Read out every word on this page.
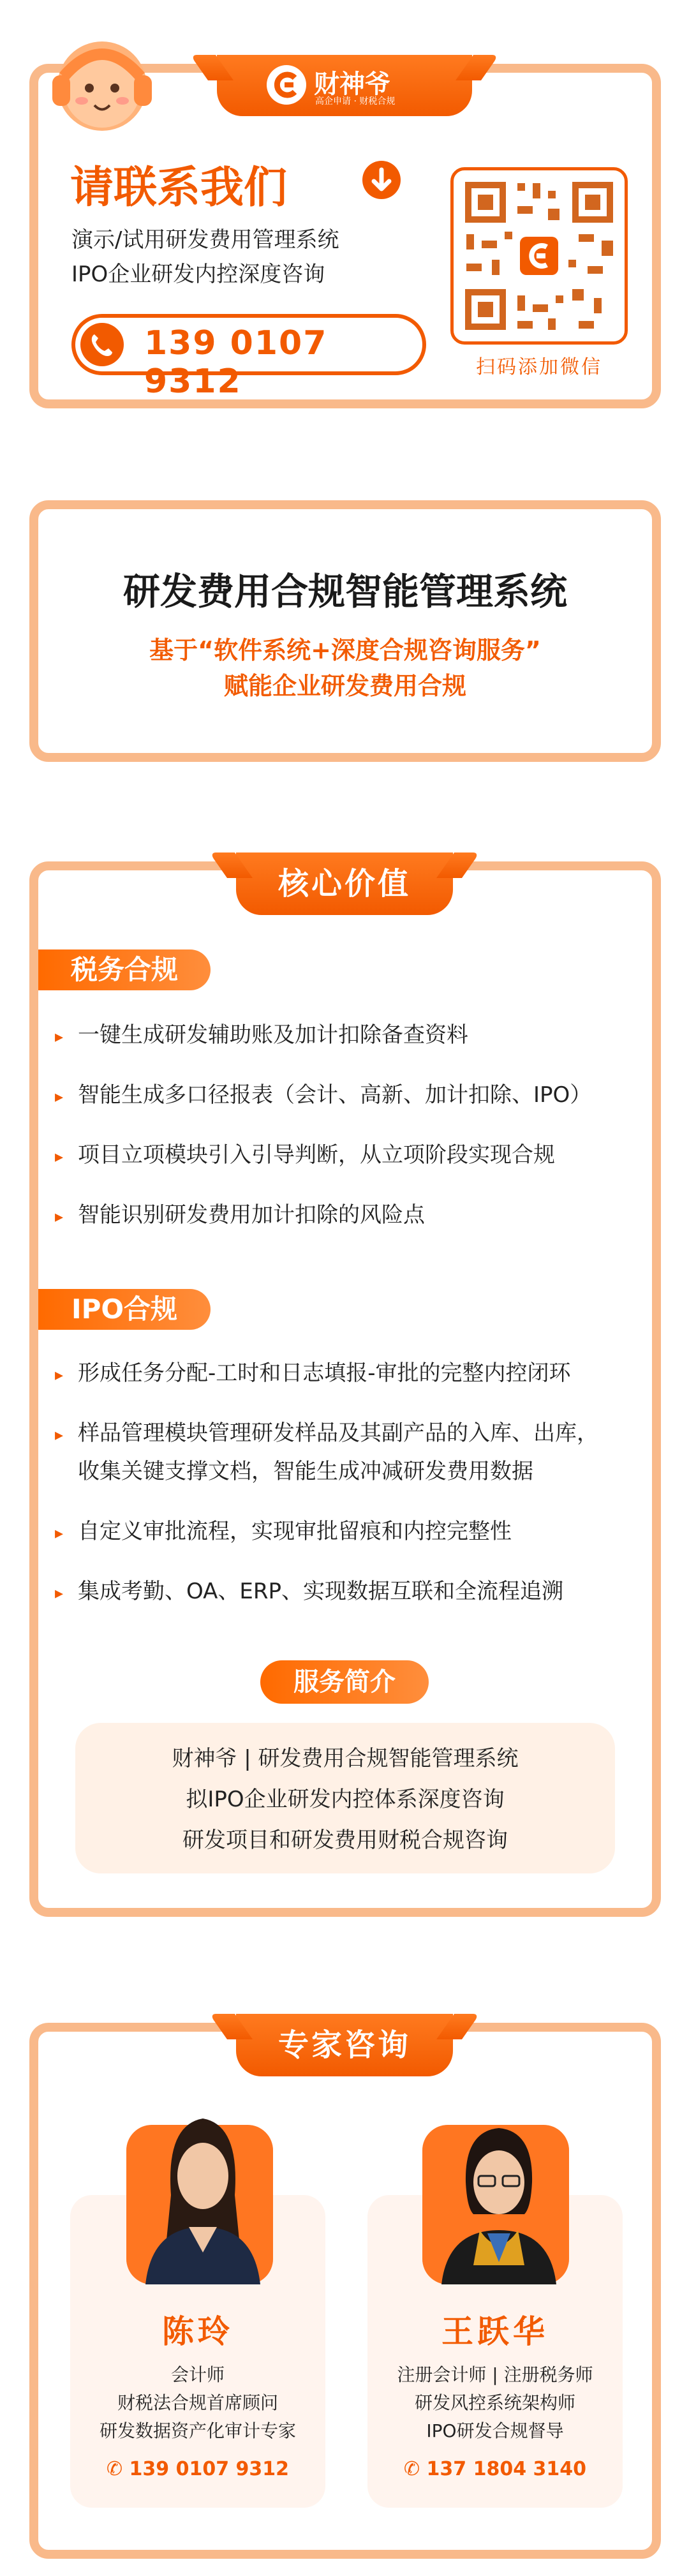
财神爷
高企申请 · 财税合规
请联系我们
演示/试用研发费用管理系统
IPO企业研发内控深度咨询
139 0107 9312	扫码添加微信
研发费用合规智能管理系统
基于“软件系统+深度合规咨询服务”
赋能企业研发费用合规
核心价值
税务合规
▸ 一键生成研发辅助账及加计扣除备查资料
▸ 智能生成多口径报表（会计、高新、加计扣除、IPO）
▸ 项目立项模块引入引导判断，从立项阶段实现合规
▸ 智能识别研发费用加计扣除的风险点
IPO合规
▸ 形成任务分配-工时和日志填报-审批的完整内控闭环
▸ 样品管理模块管理研发样品及其副产品的入库、出库，
收集关键支撑文档，智能生成冲减研发费用数据
▸ 自定义审批流程，实现审批留痕和内控完整性
▸ 集成考勤、OA、ERP、实现数据互联和全流程追溯
服务简介
财神爷 | 研发费用合规智能管理系统
拟IPO企业研发内控体系深度咨询
研发项目和研发费用财税合规咨询
专家咨询
陈玲
会计师
财税法合规首席顾问
研发数据资产化审计专家
✆ 139 0107 9312
王跃华
注册会计师 | 注册税务师
研发风控系统架构师
IPO研发合规督导
✆ 137 1804 3140
